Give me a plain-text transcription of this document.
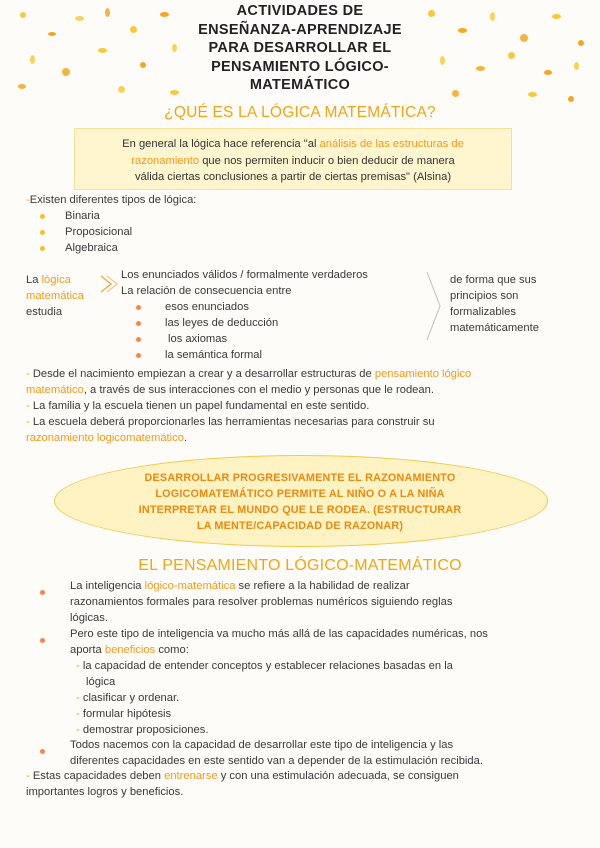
ACTIVIDADES DE
ENSEÑANZA-APRENDIZAJE
PARA DESARROLLAR EL
PENSAMIENTO LÓGICO-
MATEMÁTICO
¿QUÉ ES LA LÓGICA MATEMÁTICA?
En general la lógica hace referencia "al análisis de las estructuras de
razonamiento que nos permiten inducir o bien deducir de manera
válida ciertas conclusiones a partir de ciertas premisas" (Alsina)
-Existen diferentes tipos de lógica:
Binaria
Proposicional
Algebraica
La lógica
matemática
estudia
Los enunciados válidos / formalmente verdaderos
La relación de consecuencia entre
esos enunciados
las leyes de deducción
los axiomas
la semántica formal
de forma que sus
principios son
formalizables
matemáticamente
- Desde el nacimiento empiezan a crear y a desarrollar estructuras de pensamiento lógico
matemático, a través de sus interacciones con el medio y personas que le rodean.
- La familia y la escuela tienen un papel fundamental en este sentido.
- La escuela deberá proporcionarles las herramientas necesarias para construir su
razonamiento logicomatemático.
DESARROLLAR PROGRESIVAMENTE EL RAZONAMIENTO
LOGICOMATEMÁTICO PERMITE AL NIÑO O A LA NIÑA
INTERPRETAR EL MUNDO QUE LE RODEA. (ESTRUCTURAR
LA MENTE/CAPACIDAD DE RAZONAR)
EL PENSAMIENTO LÓGICO-MATEMÁTICO
La inteligencia lógico-matemática se refiere a la habilidad de realizar
razonamientos formales para resolver problemas numéricos siguiendo reglas
lógicas.
Pero este tipo de inteligencia va mucho más allá de las capacidades numéricas, nos
aporta beneficios como:
- la capacidad de entender conceptos y establecer relaciones basadas en la
lógica
- clasificar y ordenar.
- formular hipótesis
- demostrar proposiciones.
Todos nacemos con la capacidad de desarrollar este tipo de inteligencia y las
diferentes capacidades en este sentido van a depender de la estimulación recibida.
- Estas capacidades deben entrenarse y con una estimulación adecuada, se consiguen
importantes logros y beneficios.
